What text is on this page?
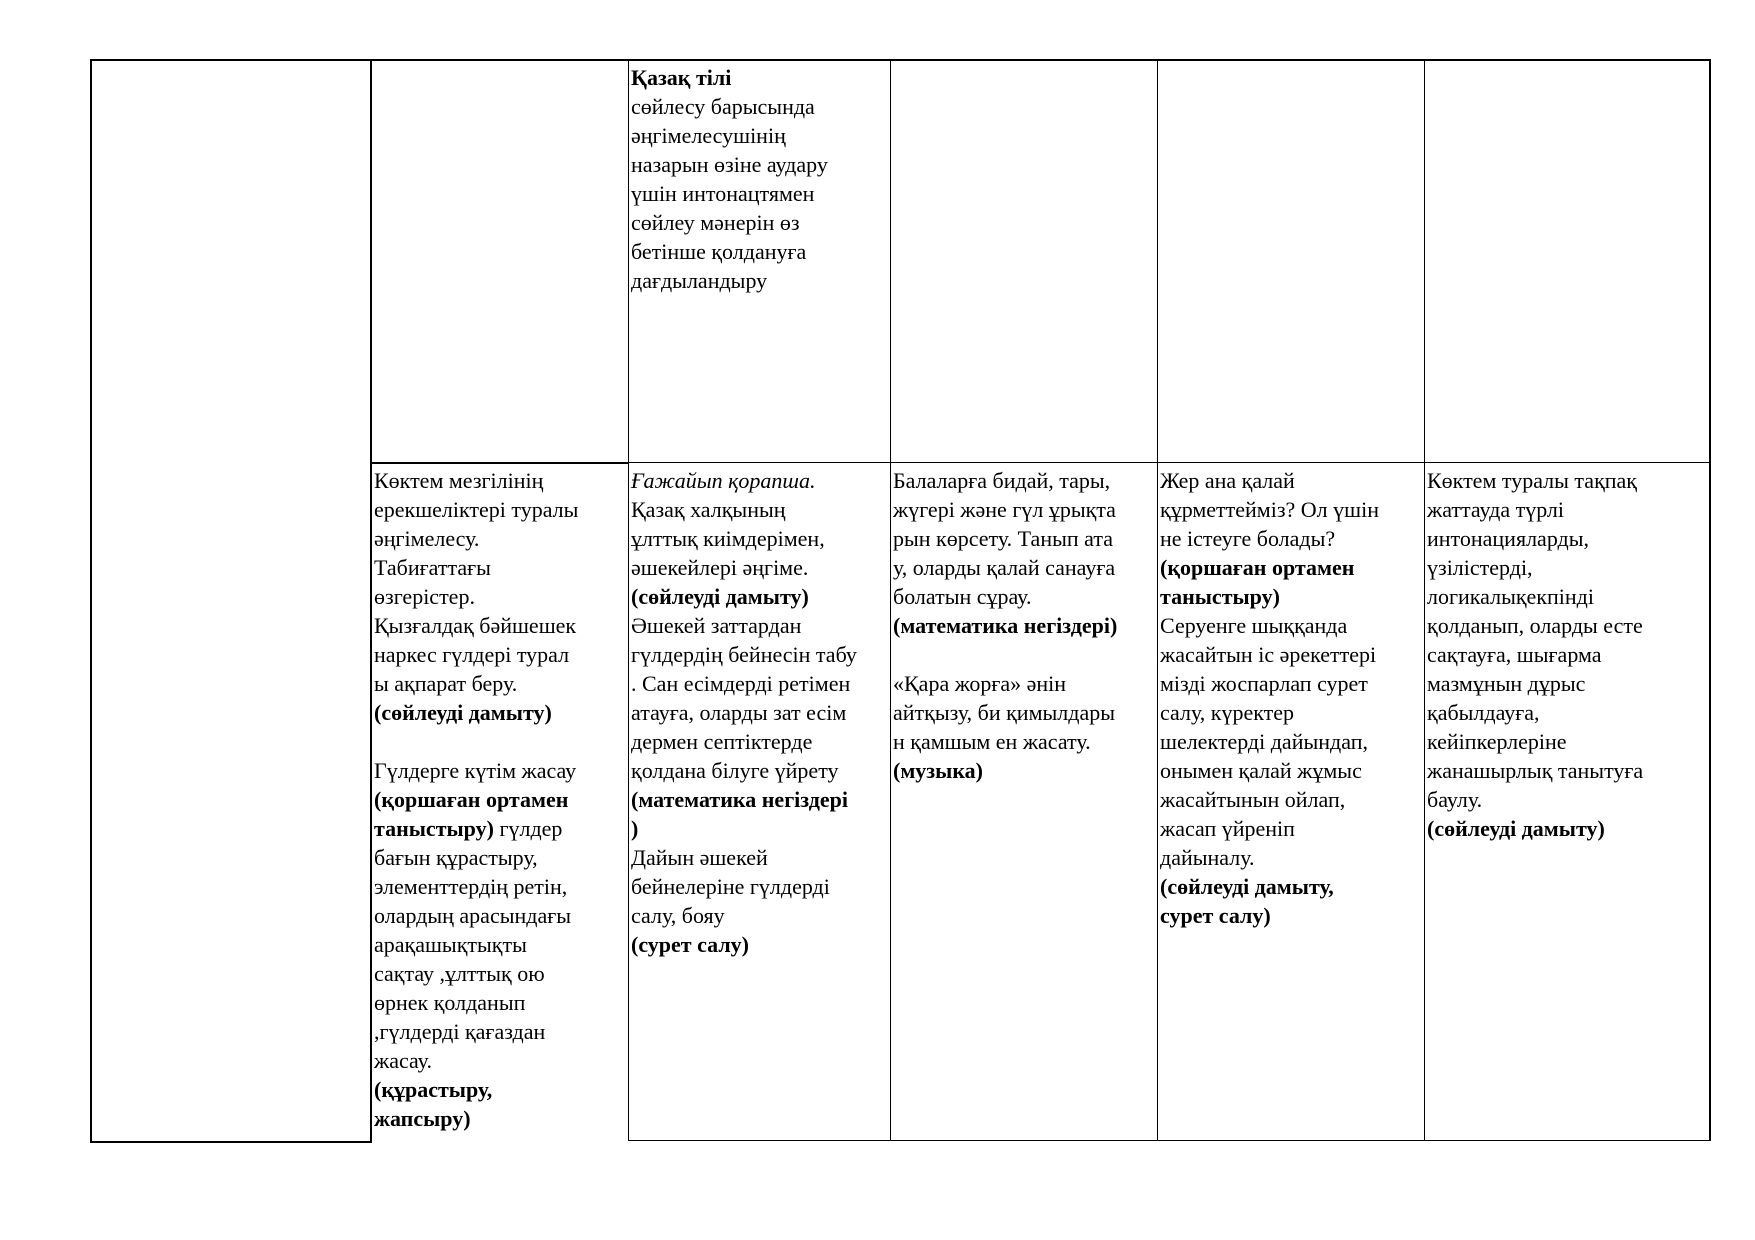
Қазақ тілі
сөйлесу барысында
әңгімелесушінің
назарын өзіне аудару
үшін интонацтямен
сөйлеу мәнерін өз
бетінше қолдануға
дағдыландыру
Көктем мезгілінің
ерекшеліктері туралы
әңгімелесу.
Табиғаттағы
өзгерістер.
Қызғалдақ бәйшешек
наркес гүлдері турал
ы ақпарат беру.
(сөйлеуді дамыту)

Гүлдерге күтім жасау
(қоршаған ортамен
таныстыру) гүлдер
бағын құрастыру,
элементтердің ретін,
олардың арасындағы
арақашықтықты
сақтау ,ұлттық ою
өрнек қолданып
,гүлдерді қағаздан
жасау.
(құрастыру,
жапсыру)
Ғажайып қорапша.
Қазақ халқының
ұлттық киімдерімен,
әшекейлері әңгіме.
(сөйлеуді дамыту)
Әшекей заттардан
гүлдердің бейнесін табу
. Сан есімдерді ретімен
атауға, оларды зат есім
дермен септіктерде
қолдана білуге үйрету
(математика негіздері
)
Дайын әшекей
бейнелеріне гүлдерді
салу, бояу
(сурет салу)
Балаларға бидай, тары,
жүгері және гүл ұрықта
рын көрсету. Танып ата
у, оларды қалай санауға
болатын сұрау.
(математика негіздері)

«Қара жорға» әнін
айтқызу, би қимылдары
н қамшым ен жасату.
(музыка)
Жер ана қалай
құрметтейміз? Ол үшін
не істеуге болады?
(қоршаған ортамен
таныстыру)
Серуенге шыққанда
жасайтын іс әрекеттері
мізді жоспарлап сурет
салу, күректер
шелектерді дайындап,
онымен қалай жұмыс
жасайтынын ойлап,
жасап үйреніп
дайыналу.
(сөйлеуді дамыту,
сурет салу)
Көктем туралы тақпақ
жаттауда түрлі
интонацияларды,
үзілістерді,
логикалықекпінді
қолданып, оларды есте
сақтауға, шығарма
мазмұнын дұрыс
қабылдауға,
кейіпкерлеріне
жанашырлық танытуға
баулу.
(сөйлеуді дамыту)
